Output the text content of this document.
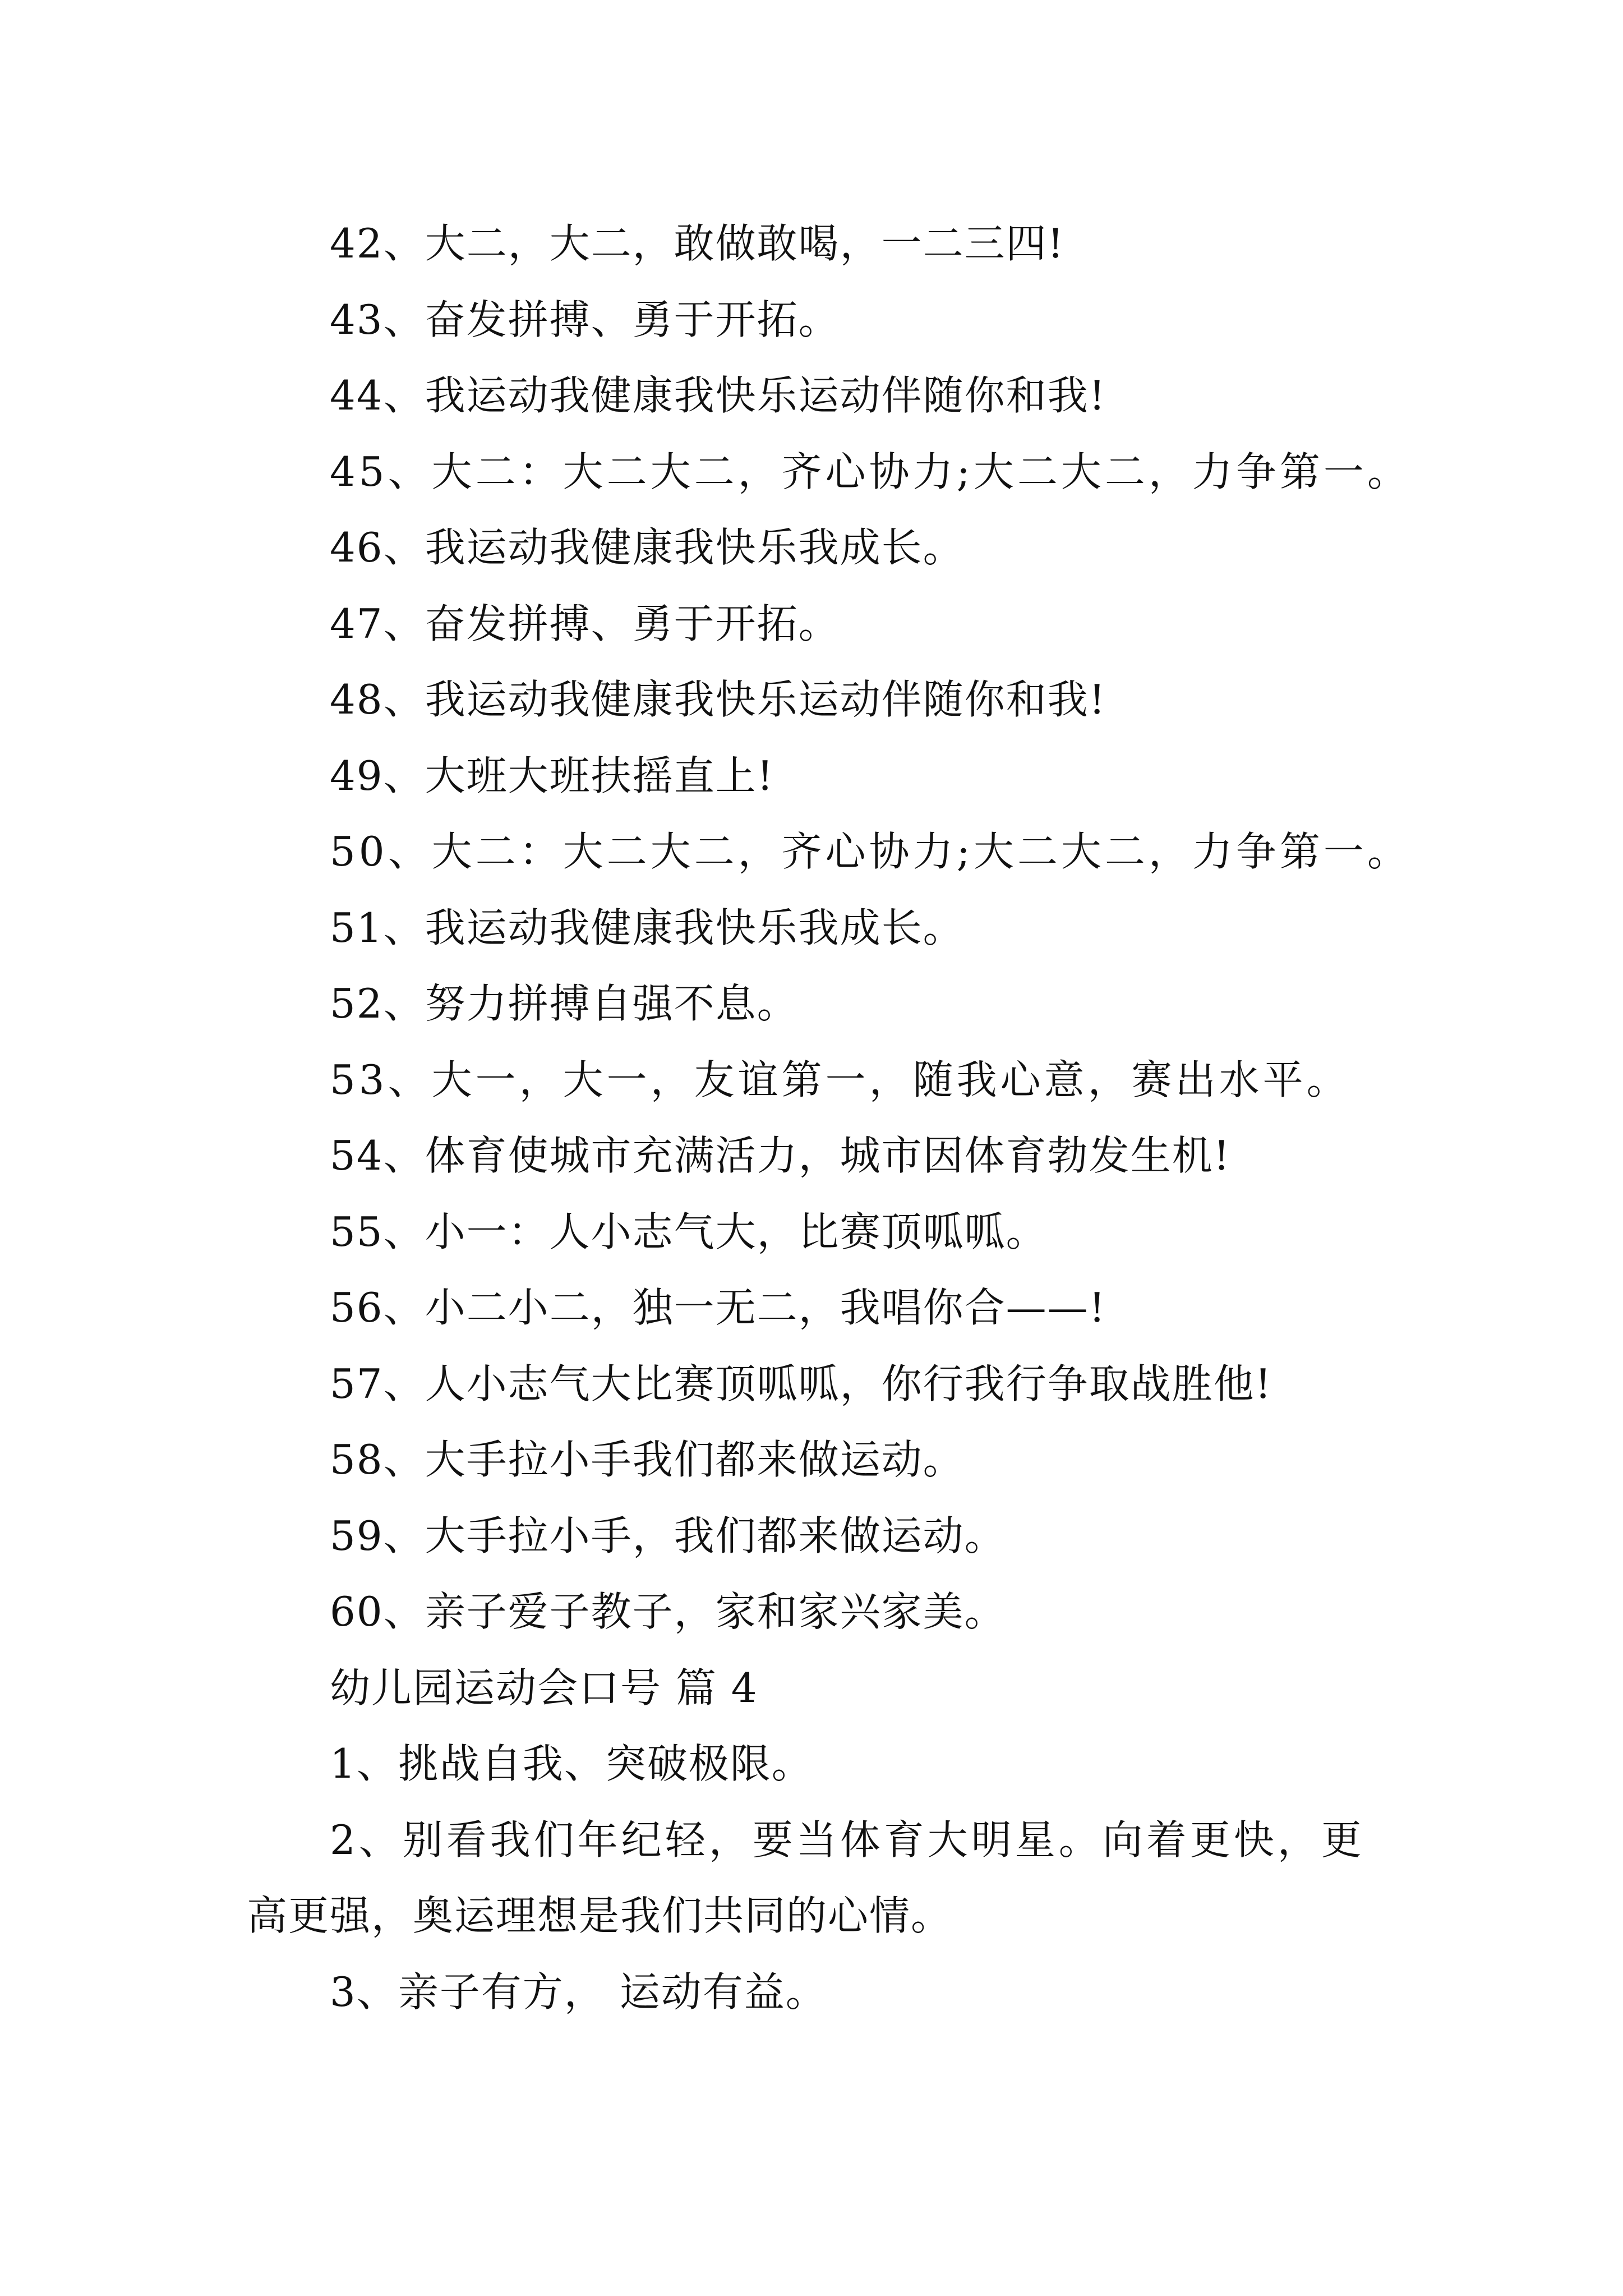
42、大二，大二，敢做敢喝，一二三四!
43、奋发拼搏、勇于开拓。
44、我运动我健康我快乐运动伴随你和我!
45、大二：大二大二，齐心协力;大二大二，力争第一。
46、我运动我健康我快乐我成长。
47、奋发拼搏、勇于开拓。
48、我运动我健康我快乐运动伴随你和我!
49、大班大班扶摇直上!
50、大二：大二大二，齐心协力;大二大二，力争第一。
51、我运动我健康我快乐我成长。
52、努力拼搏自强不息。
53、大一，大一，友谊第一，随我心意，赛出水平。
54、体育使城市充满活力，城市因体育勃发生机!
55、小一：人小志气大，比赛顶呱呱。
56、小二小二，独一无二，我唱你合——!
57、人小志气大比赛顶呱呱，你行我行争取战胜他!
58、大手拉小手我们都来做运动。
59、大手拉小手，我们都来做运动。
60、亲子爱子教子，家和家兴家美。
幼儿园运动会口号 篇 4
1、挑战自我、突破极限。
2、别看我们年纪轻，要当体育大明星。向着更快，更
高更强，奥运理想是我们共同的心情。
3、亲子有方， 运动有益。
